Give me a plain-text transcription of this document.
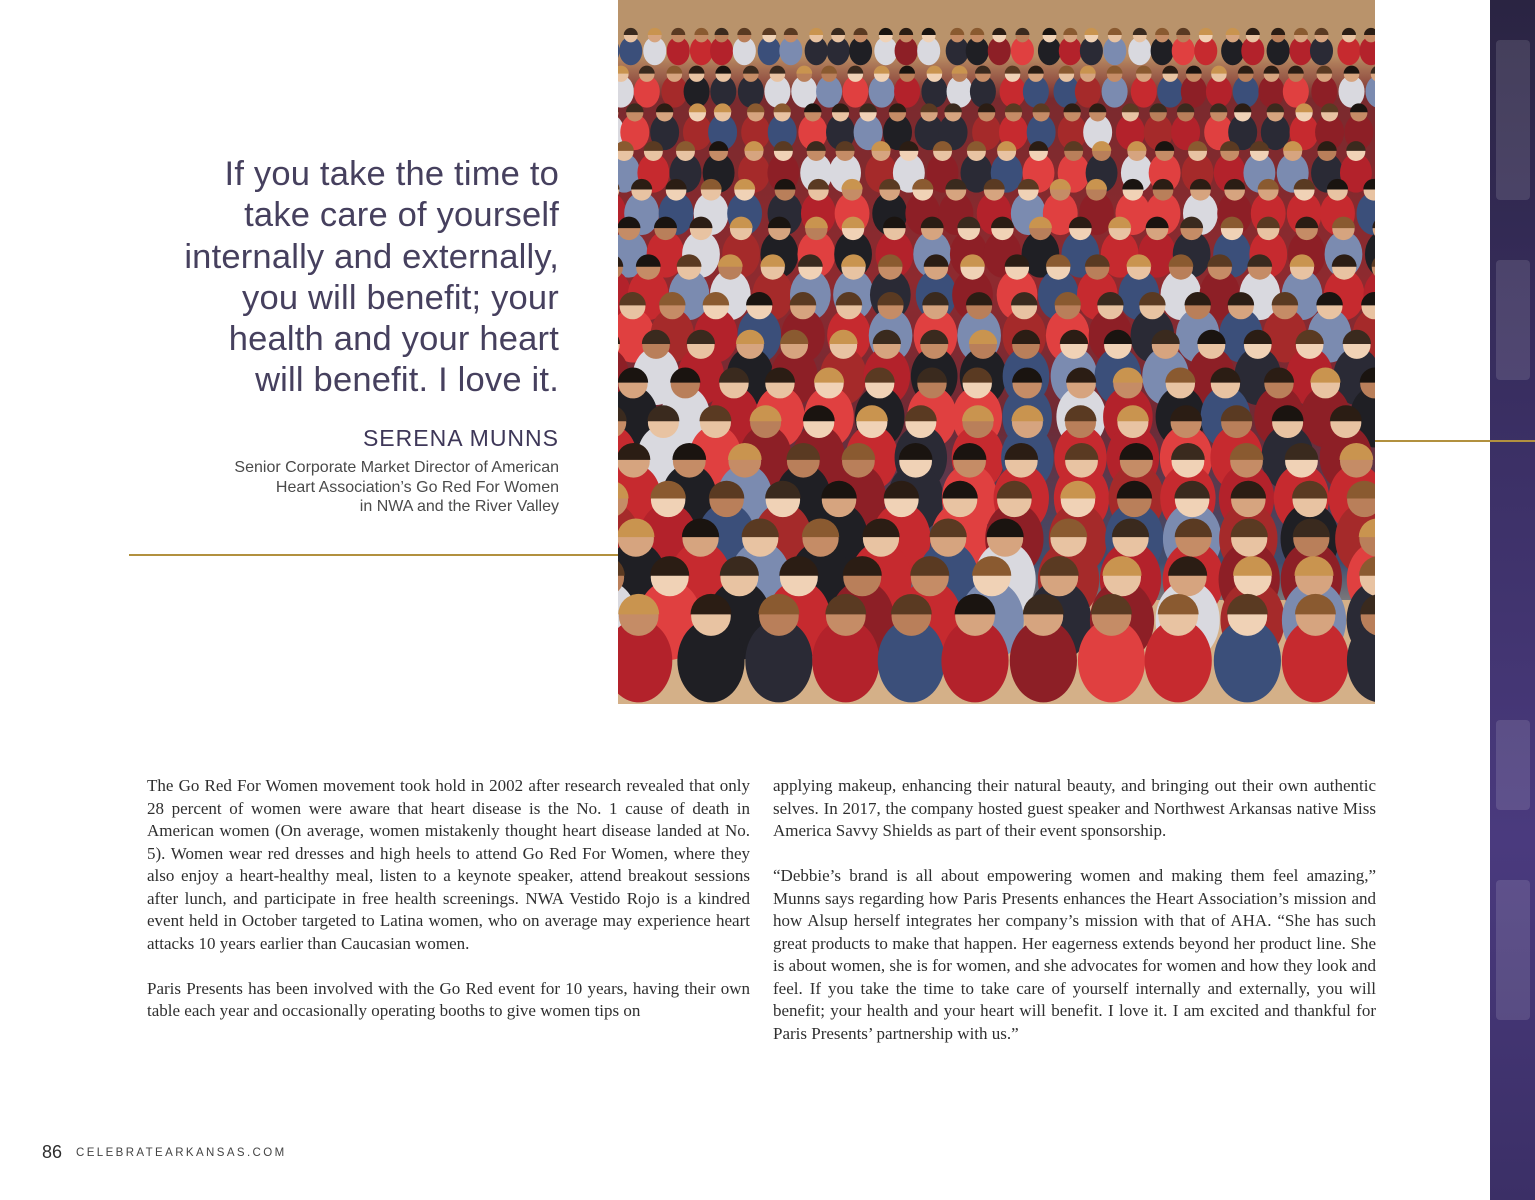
If you take the time to
take care of yourself
internally and externally,
you will benefit; your
health and your heart
will benefit. I love it.
SERENA MUNNS
Senior Corporate Market Director of American
Heart Association’s Go Red For Women
in NWA and the River Valley

The Go Red For Women movement took hold in 2002 after research revealed that only 28 percent of women were aware that heart disease is the No. 1 cause of death in American women (On average, women mistakenly thought heart disease landed at No. 5). Women wear red dresses and high heels to attend Go Red For Women, where they also enjoy a heart-healthy meal, listen to a keynote speaker, attend breakout sessions after lunch, and participate in free health screenings. NWA Vestido Rojo is a kindred event held in October targeted to Latina women, who on average may experience heart attacks 10 years earlier than Caucasian women.

Paris Presents has been involved with the Go Red event for 10 years, having their own table each year and occasionally operating booths to give women tips on

applying makeup, enhancing their natural beauty, and bringing out their own authentic selves. In 2017, the company hosted guest speaker and Northwest Arkansas native Miss America Savvy Shields as part of their event sponsorship.

“Debbie’s brand is all about empowering women and making them feel amazing,” Munns says regarding how Paris Presents enhances the Heart Association’s mission and how Alsup herself integrates her company’s mission with that of AHA. “She has such great products to make that happen. Her eagerness extends beyond her product line. She is about women, she is for women, and she advocates for women and how they look and feel. If you take the time to take care of yourself internally and externally, you will benefit; your health and your heart will benefit. I love it. I am excited and thankful for Paris Presents’ partnership with us.”

86 CELEBRATEARKANSAS.COM
